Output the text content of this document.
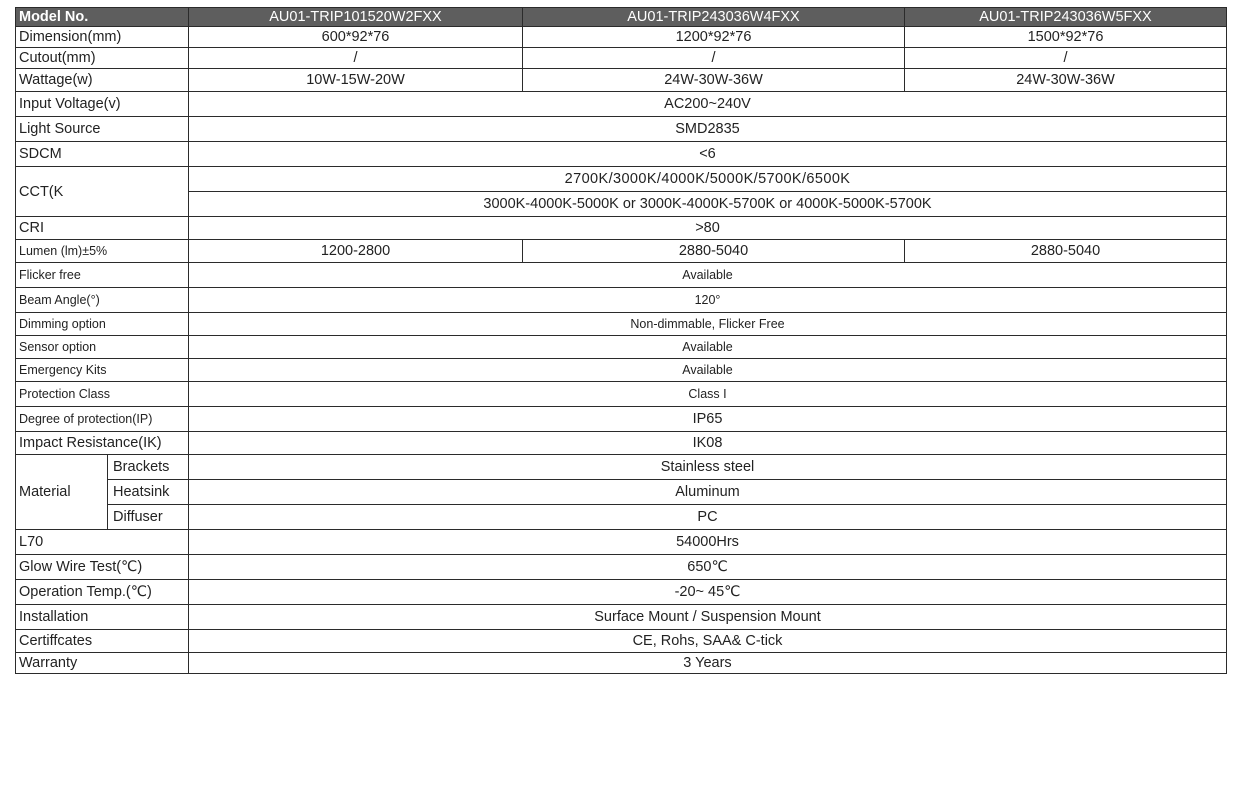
Model No.		AU01-TRIP101520W2FXX	AU01-TRIP243036W4FXX	AU01-TRIP243036W5FXX
Dimension(mm)		600*92*76	1200*92*76	1500*92*76
Cutout(mm)		/	/	/
Wattage(w)		10W-15W-20W	24W-30W-36W	24W-30W-36W
Input Voltage(v)		AC200~240V		
Light Source		SMD2835		
SDCM		<6		
CCT(K		2700K/3000K/4000K/5000K/5700K/6500K		
		3000K-4000K-5000K or 3000K-4000K-5700K or 4000K-5000K-5700K		
CRI		>80		
Lumen (lm)±5%		1200-2800	2880-5040	2880-5040
Flicker free		Available		
Beam Angle(°)		120°		
Dimming option		Non-dimmable, Flicker Free		
Sensor option		Available		
Emergency Kits		Available		
Protection Class		Class I		
Degree of protection(IP)		IP65		
Impact Resistance(IK)		IK08		
Material	Brackets	Stainless steel		
	Heatsink	Aluminum		
	Diffuser	PC		
L70		54000Hrs		
Glow Wire Test(℃)		650℃		
Operation Temp.(℃)		-20~ 45℃		
Installation		Surface Mount / Suspension Mount		
Certiffcates		CE, Rohs, SAA& C-tick		
Warranty		3 Years		
